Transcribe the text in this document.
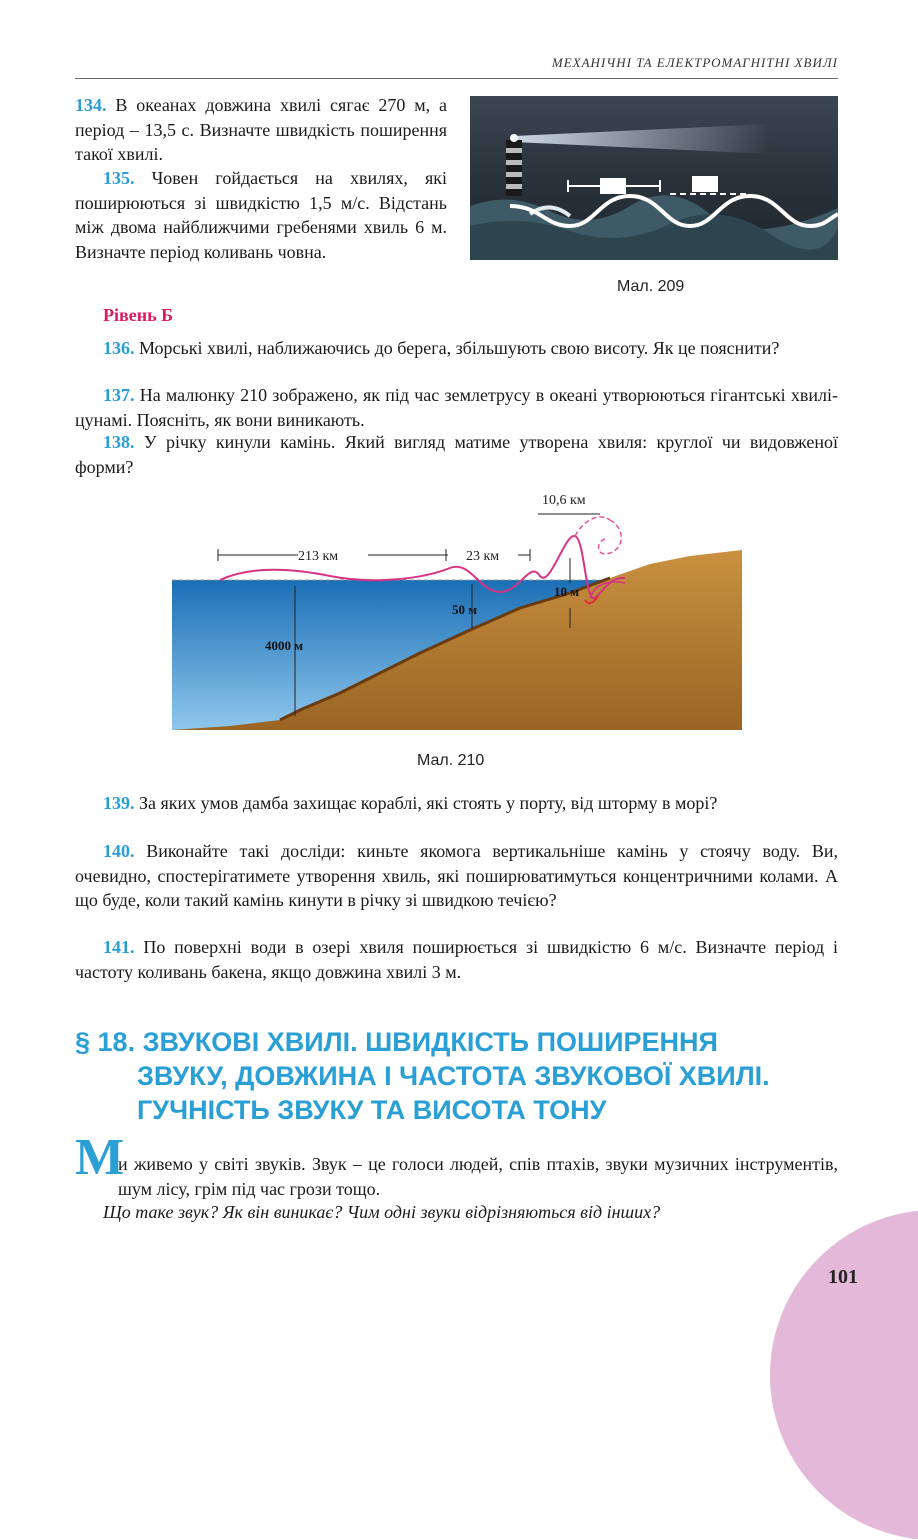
МЕХАНІЧНІ ТА ЕЛЕКТРОМАГНІТНІ ХВИЛІ

134. В океанах довжина хвилі сягає 270 м, а період – 13,5 с. Визначте швидкість поширення такої хвилі.

135. Човен гойдається на хвилях, які поширюються зі швидкістю 1,5 м/с. Відстань між двома найближчими гребенями хвиль 6 м. Визначте період коливань човна.

Мал. 209
Рівень Б

136. Морські хвилі, наближаючись до берега, збільшують свою висоту. Як це пояснити?

137. На малюнку 210 зображено, як під час землетрусу в океані утворюються гігантські хвилі-цунамі. Поясніть, як вони виникають.

138. У річку кинули камінь. Який вигляд матиме утворена хвиля: круглої чи видовженої форми?

213 км	23 км
10,6 км
4000 м
50 м
10 м
Мал. 210

139. За яких умов дамба захищає кораблі, які стоять у порту, від шторму в морі?

140. Виконайте такі досліди: киньте якомога вертикальніше камінь у стоячу воду. Ви, очевидно, спостерігатимете утворення хвиль, які поширюватимуться концентричними колами. А що буде, коли такий камінь кинути в річку зі швидкою течією?

141. По поверхні води в озері хвиля поширюється зі швидкістю 6 м/с. Визначте період і частоту коливань бакена, якщо довжина хвилі 3 м.

§ 18. ЗВУКОВІ ХВИЛІ. ШВИДКІСТЬ ПОШИРЕННЯ
ЗВУКУ, ДОВЖИНА І ЧАСТОТА ЗВУКОВОЇ ХВИЛІ.
ГУЧНІСТЬ ЗВУКУ ТА ВИСОТА ТОНУ
М

и живемо у світі звуків. Звук – це голоси людей, спів птахів, звуки музичних інструментів, шум лісу, грім під час грози тощо.

Що таке звук? Як він виникає? Чим одні звуки відрізняються від інших?

101
